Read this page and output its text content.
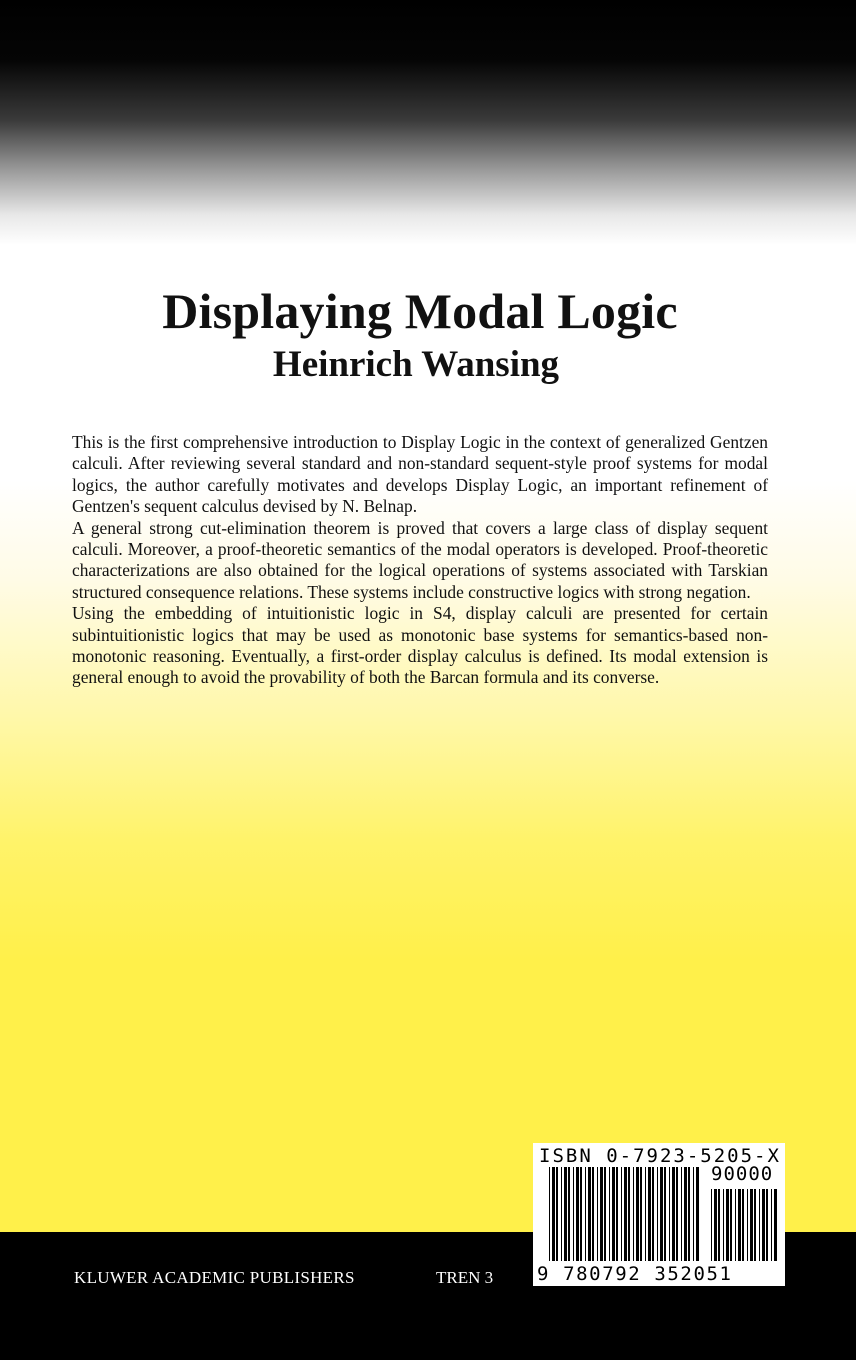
Displaying Modal Logic
Heinrich Wansing

This is the first comprehensive introduction to Display Logic in the context of generalized Gentzen calculi. After reviewing several standard and non-standard sequent-style proof systems for modal logics, the author carefully motivates and develops Display Logic, an important refinement of Gentzen's sequent calculus devised by N. Belnap.

A general strong cut-elimination theorem is proved that covers a large class of display sequent calculi. Moreover, a proof-theoretic semantics of the modal operators is developed. Proof-theoretic characterizations are also obtained for the logical operations of systems associated with Tarskian structured consequence relations. These systems include constructive logics with strong negation.

Using the embedding of intuitionistic logic in S4, display calculi are presented for certain subintuitionistic logics that may be used as monotonic base systems for semantics-based non-monotonic reasoning. Eventually, a first-order display calculus is defined. Its modal extension is general enough to avoid the provability of both the Barcan formula and its converse.

KLUWER ACADEMIC PUBLISHERS	TREN 3
ISBN 0-7923-5205-X
90000
9 780792 352051
